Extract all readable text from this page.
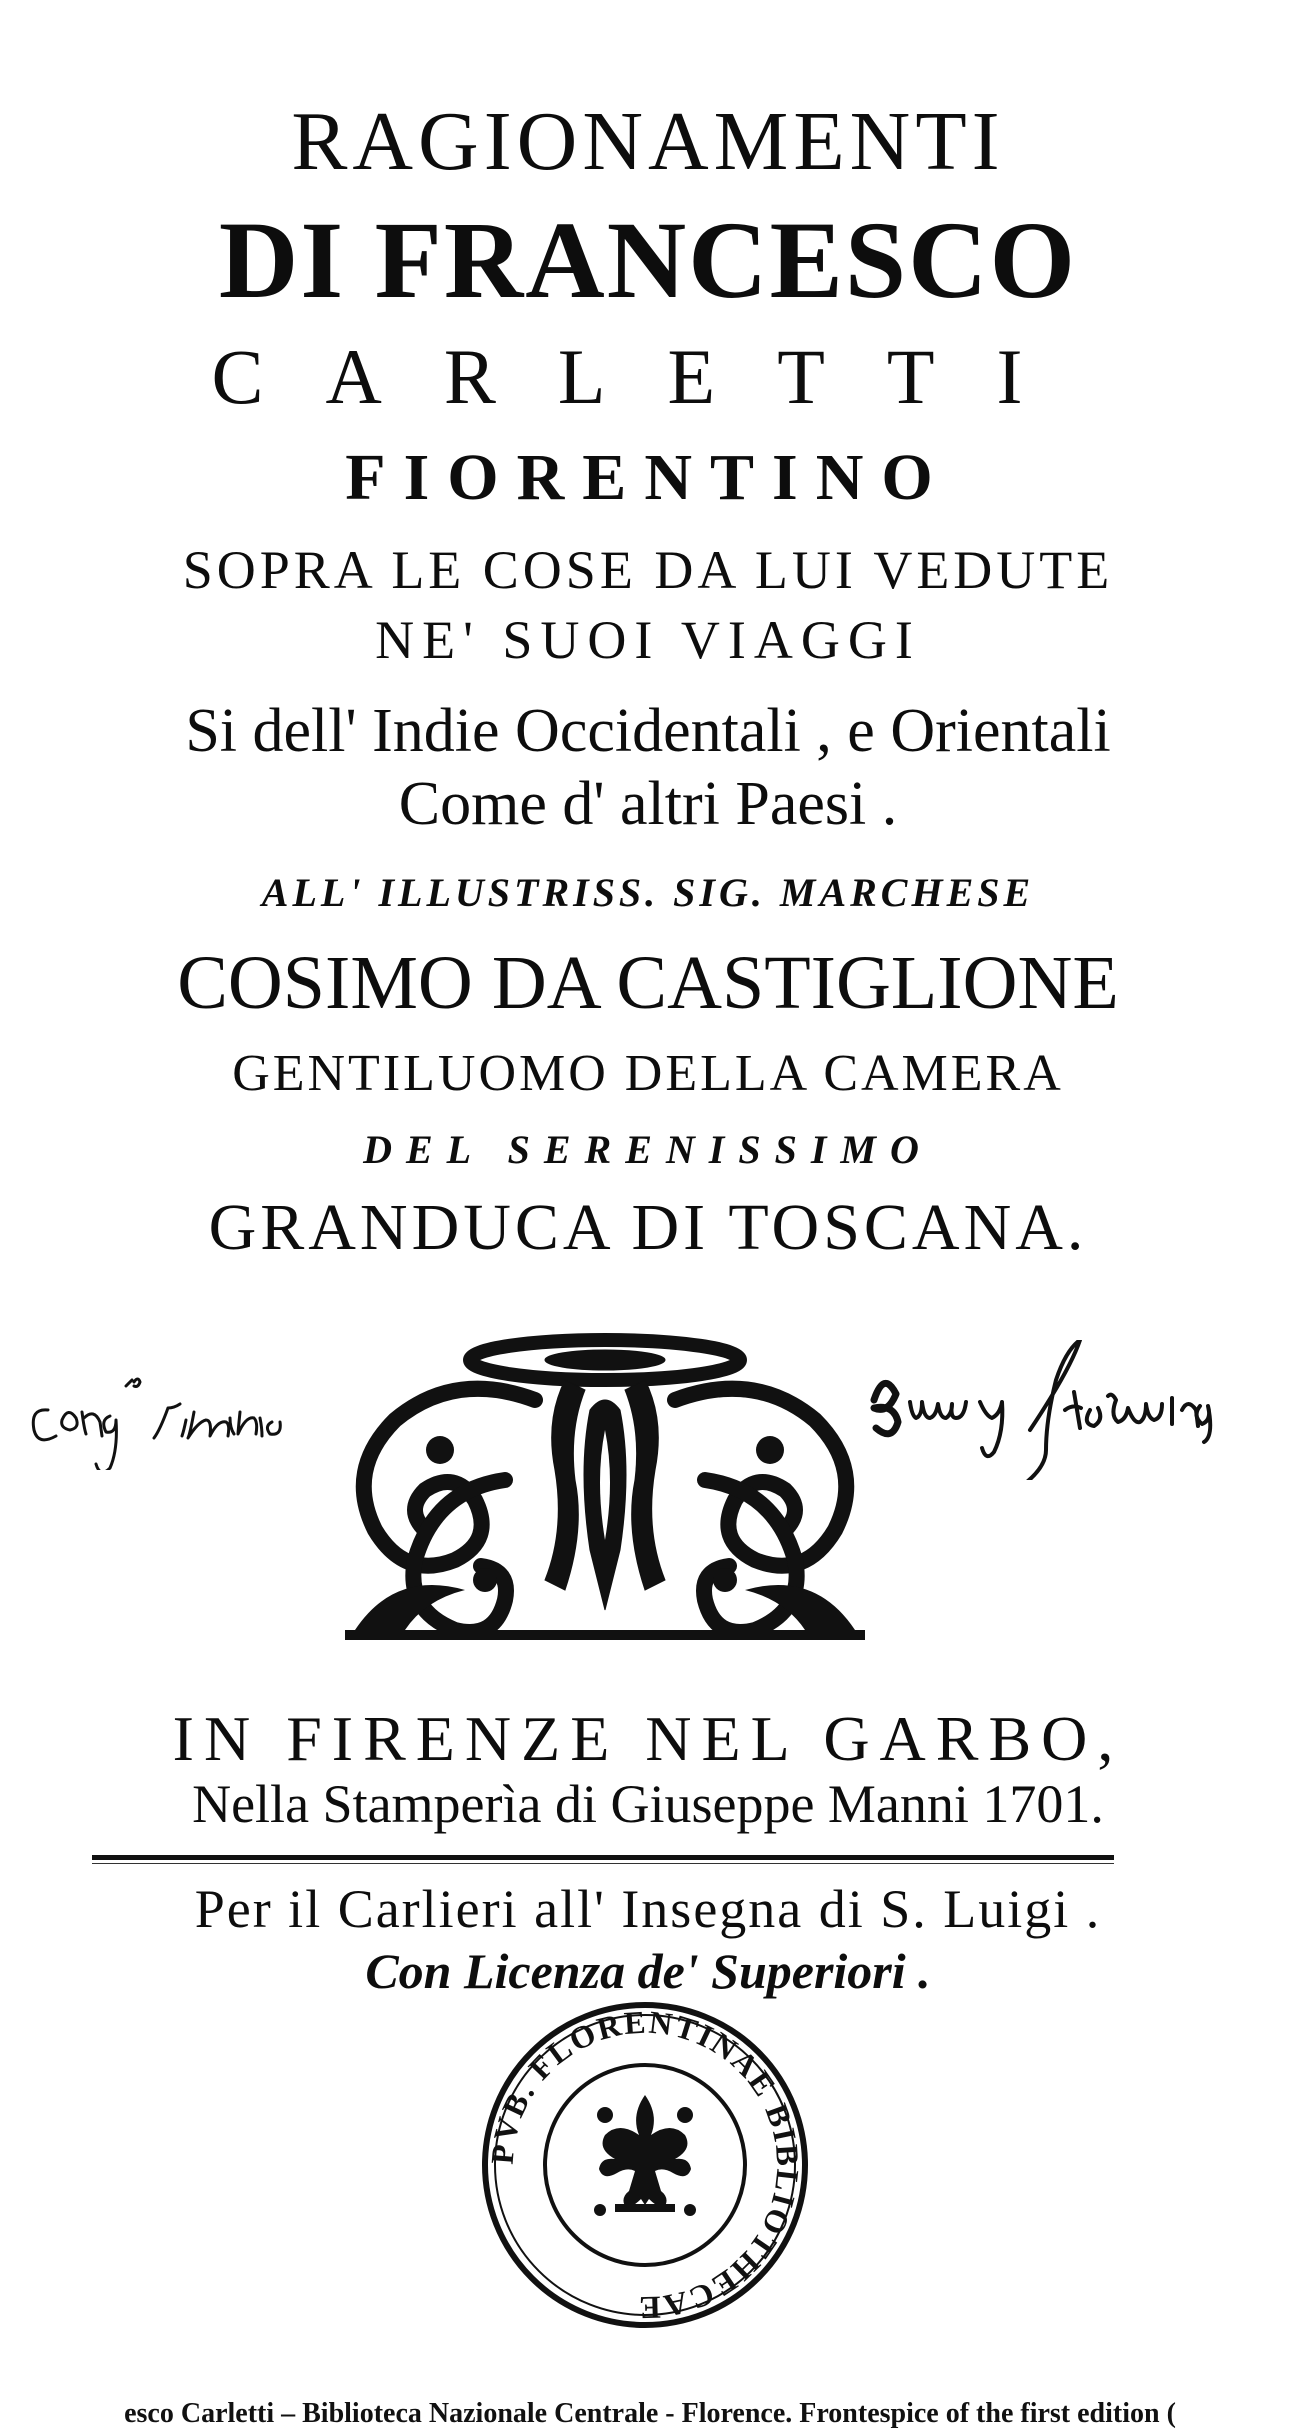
RAGIONAMENTI
DI FRANCESCO
CARLETTI
FIORENTINO
SOPRA LE COSE DA LUI VEDUTE
NE' SUOI VIAGGI
Si dell' Indie Occidentali , e Orientali
Come d' altri Paesi .
ALL' ILLUSTRISS. SIG. MARCHESE
COSIMO DA CASTIGLIONE
GENTILUOMO DELLA CAMERA
DEL SERENISSIMO
GRANDUCA DI TOSCANA.
IN FIRENZE NEL GARBO,
Nella Stamperìa di Giuseppe Manni 1701.
Per il Carlieri all' Insegna di S. Luigi .
Con Licenza de' Superiori .
PVB. FLORENTINAE BIBLIOTHECAE
esco Carletti – Biblioteca Nazionale Centrale - Florence. Frontespice of the first edition (
